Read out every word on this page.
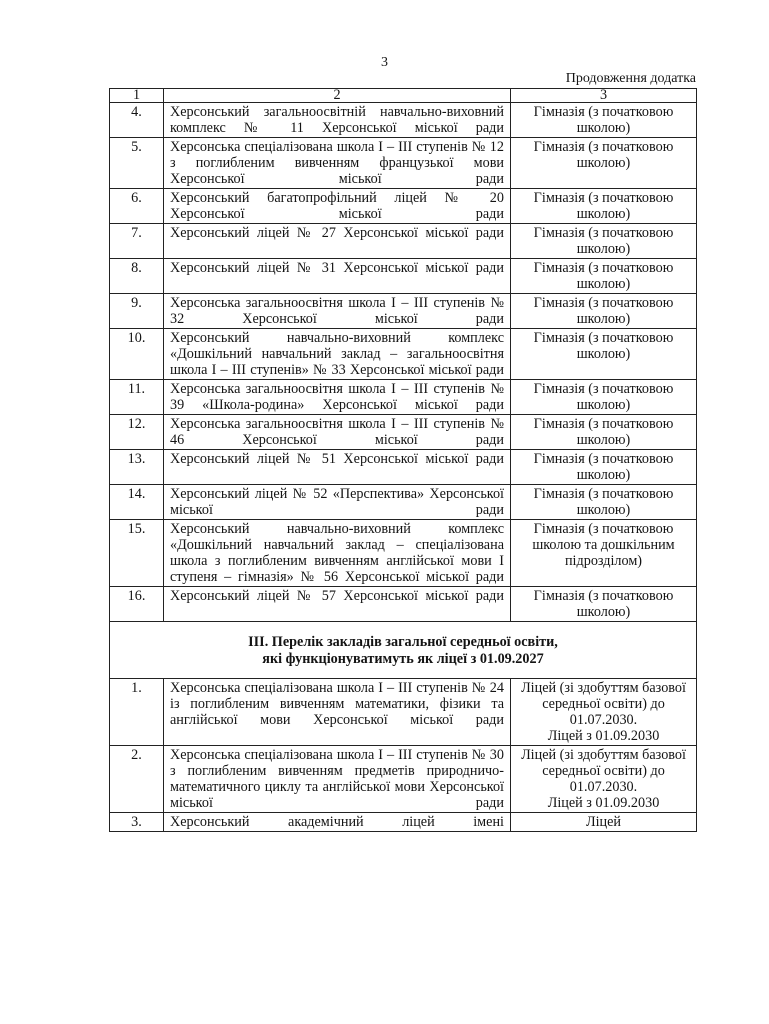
3
Продовження додатка
1	2	3
4.	Херсонський загальноосвітній навчально-виховний комплекс № 11 Херсонської міської ради	Гімназія (з початковою школою)
5.	Херсонська спеціалізована школа І – ІІІ ступенів № 12 з поглибленим вивченням французької мови Херсонської міської ради	Гімназія (з початковою школою)
6.	Херсонський багатопрофільний ліцей № 20 Херсонської міської ради	Гімназія (з початковою школою)
7.	Херсонський ліцей № 27 Херсонської міської ради	Гімназія (з початковою школою)
8.	Херсонський ліцей № 31 Херсонської міської ради	Гімназія (з початковою школою)
9.	Херсонська загальноосвітня школа І – ІІІ ступенів № 32 Херсонської міської ради	Гімназія (з початковою школою)
10.	Херсонський навчально-виховний комплекс «Дошкільний навчальний заклад – загальноосвітня школа І – ІІІ ступенів» № 33 Херсонської міської ради	Гімназія (з початковою школою)
11.	Херсонська загальноосвітня школа І – ІІІ ступенів № 39 «Школа-родина» Херсонської міської ради	Гімназія (з початковою школою)
12.	Херсонська загальноосвітня школа І – ІІІ ступенів № 46 Херсонської міської ради	Гімназія (з початковою школою)
13.	Херсонський ліцей № 51 Херсонської міської ради	Гімназія (з початковою школою)
14.	Херсонський ліцей № 52 «Перспектива» Херсонської міської ради	Гімназія (з початковою школою)
15.	Херсонський навчально-виховний комплекс «Дошкільний навчальний заклад – спеціалізована школа з поглибленим вивченням англійської мови І ступеня – гімназія» № 56 Херсонської міської ради	Гімназія (з початковою школою та дошкільним підрозділом)
16.	Херсонський ліцей № 57 Херсонської міської ради	Гімназія (з початковою школою)

ІІІ. Перелік закладів загальної середньої освіти,
які функціонуватимуть як ліцеї з 01.09.2027		

1.	Херсонська спеціалізована школа І – ІІІ ступенів № 24 із поглибленим вивченням математики, фізики та англійської мови Херсонської міської ради	Ліцей (зі здобуттям базової середньої освіти) до 01.07.2030.
Ліцей з 01.09.2030

2.	Херсонська спеціалізована школа І – ІІІ ступенів № 30 з поглибленим вивченням предметів природничо-математичного циклу та англійської мови Херсонської міської ради	Ліцей (зі здобуттям базової середньої освіти) до 01.07.2030.
Ліцей з 01.09.2030

3.	Херсонський академічний ліцей імені	Ліцей
